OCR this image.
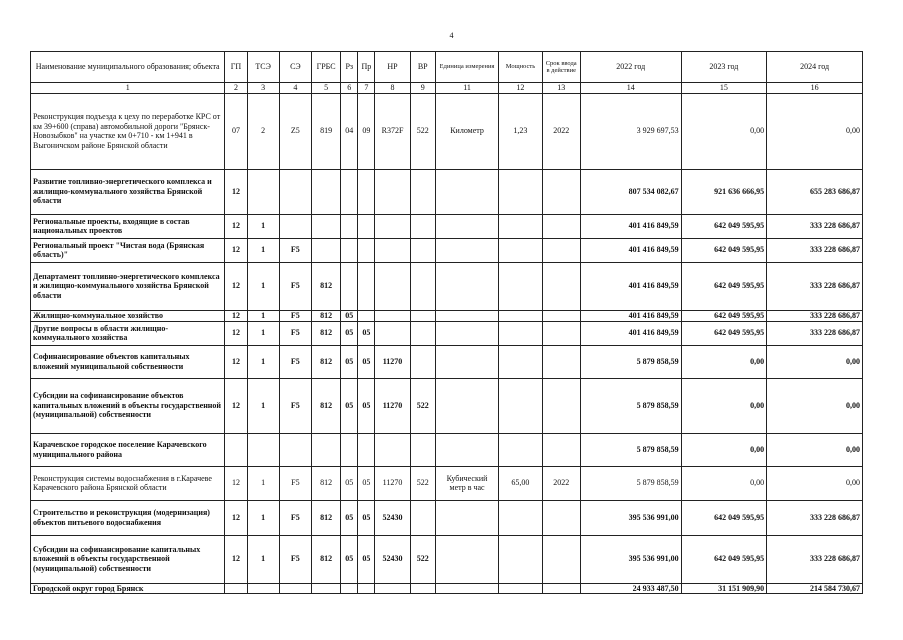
4
Наименование муниципального образования; объекта	ГП	ТСЭ	СЭ	ГРБС	Рз	Пр	НР	ВР	Единица измерения	Мощность	Срок ввода в действие	2022 год	2023 год	2024 год
1	2	3	4	5	6	7	8	9	11	12	13	14	15	16
Реконструкция подъезда к цеху по переработке КРС от км 39+600 (справа) автомобильной дороги "Брянск-Новозыбков" на участке км 0+710 - км 1+941 в Выгоничском районе Брянской области	07	2	Z5	819	04	09	R372F	522	Километр	1,23	2022	3 929 697,53	0,00	0,00
Развитие топливно-энергетического комплекса и жилищно-коммунального хозяйства Брянской области	12											807 534 082,67	921 636 666,95	655 283 686,87
Региональные проекты, входящие в состав национальных проектов	12	1										401 416 849,59	642 049 595,95	333 228 686,87
Региональный проект "Чистая вода (Брянская область)"	12	1	F5									401 416 849,59	642 049 595,95	333 228 686,87
Департамент топливно-энергетического комплекса и жилищно-коммунального хозяйства Брянской области	12	1	F5	812								401 416 849,59	642 049 595,95	333 228 686,87
Жилищно-коммунальное хозяйство	12	1	F5	812	05							401 416 849,59	642 049 595,95	333 228 686,87
Другие вопросы в области жилищно-коммунального хозяйства	12	1	F5	812	05	05						401 416 849,59	642 049 595,95	333 228 686,87
Софинансирование объектов капитальных вложений муниципальной собственности	12	1	F5	812	05	05	11270					5 879 858,59	0,00	0,00
Субсидии на софинансирование объектов капитальных вложений в объекты государственной (муниципальной) собственности	12	1	F5	812	05	05	11270	522				5 879 858,59	0,00	0,00
Карачевское городское поселение Карачевского муниципального района												5 879 858,59	0,00	0,00
Реконструкция системы водоснабжения в г.Карачеве Карачевского района Брянской области	12	1	F5	812	05	05	11270	522	Кубический метр в час	65,00	2022	5 879 858,59	0,00	0,00
Строительство и реконструкция (модернизация) объектов питьевого водоснабжения	12	1	F5	812	05	05	52430					395 536 991,00	642 049 595,95	333 228 686,87
Субсидии на софинансирование капитальных вложений в объекты государственной (муниципальной) собственности	12	1	F5	812	05	05	52430	522				395 536 991,00	642 049 595,95	333 228 686,87
Городской округ город Брянск												24 933 487,50	31 151 909,90	214 584 730,67
